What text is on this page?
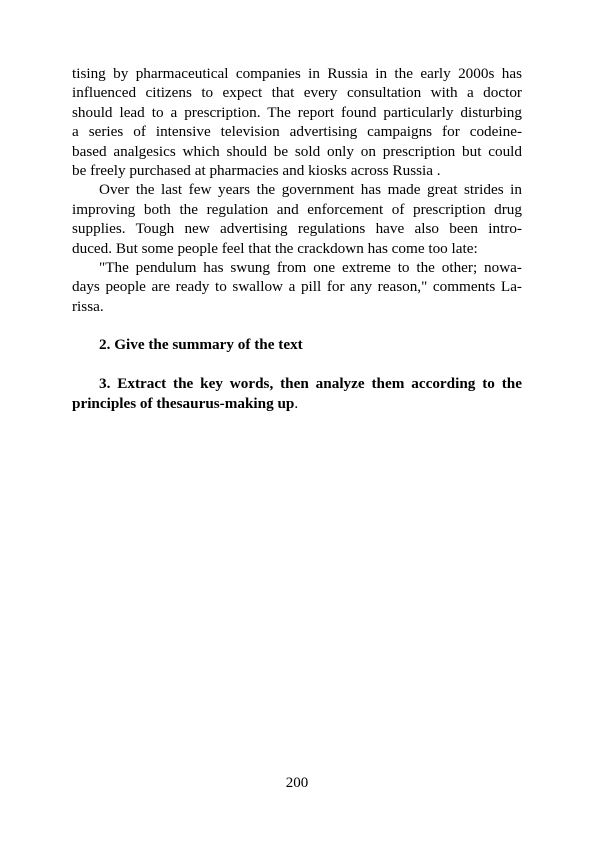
tising by pharmaceutical companies in Russia in the early 2000s has
influenced citizens to expect that every consultation with a doctor
should lead to a prescription. The report found particularly disturbing
a series of intensive television advertising campaigns for codeine-
based analgesics which should be sold only on prescription but could
be freely purchased at pharmacies and kiosks across Russia .
Over the last few years the government has made great strides in
improving both the regulation and enforcement of prescription drug
supplies. Tough new advertising regulations have also been intro-
duced. But some people feel that the crackdown has come too late:
"The pendulum has swung from one extreme to the other; nowa-
days people are ready to swallow a pill for any reason," comments La-
rissa.
2. Give the summary of the text
3. Extract the key words, then analyze them according to the
principles of thesaurus-making up.
200
